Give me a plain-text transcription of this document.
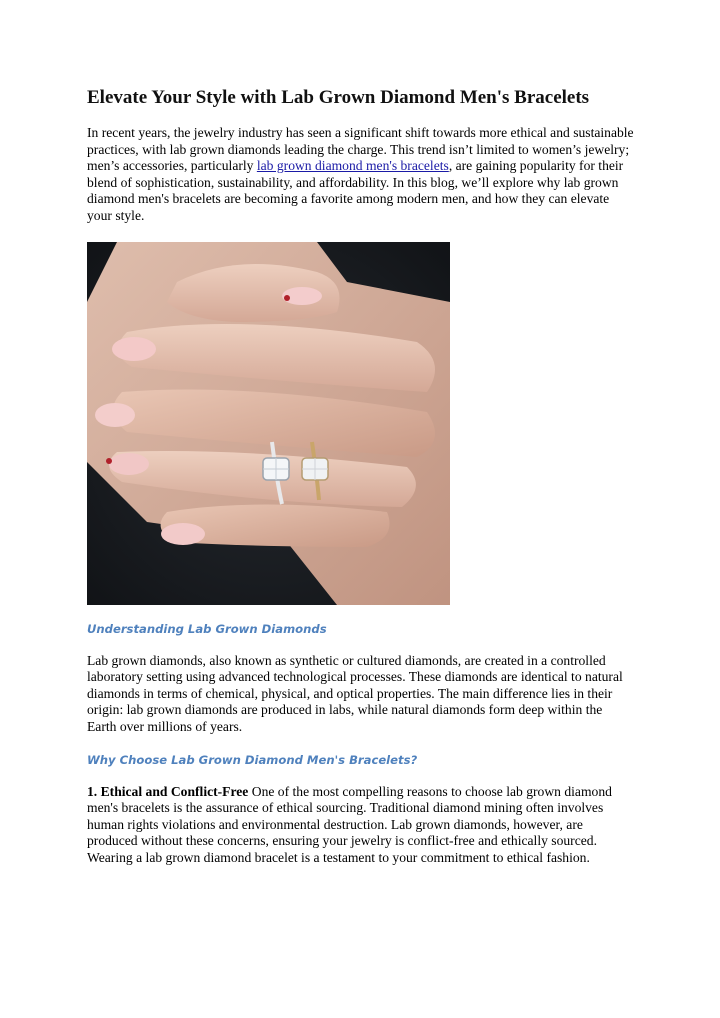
Elevate Your Style with Lab Grown Diamond Men's Bracelets

In recent years, the jewelry industry has seen a significant shift towards more ethical and sustainable practices, with lab grown diamonds leading the charge. This trend isn’t limited to women’s jewelry; men’s accessories, particularly lab grown diamond men's bracelets, are gaining popularity for their blend of sophistication, sustainability, and affordability. In this blog, we’ll explore why lab grown diamond men's bracelets are becoming a favorite among modern men, and how they can elevate your style.

Understanding Lab Grown Diamonds

Lab grown diamonds, also known as synthetic or cultured diamonds, are created in a controlled laboratory setting using advanced technological processes. These diamonds are identical to natural diamonds in terms of chemical, physical, and optical properties. The main difference lies in their origin: lab grown diamonds are produced in labs, while natural diamonds form deep within the Earth over millions of years.

Why Choose Lab Grown Diamond Men's Bracelets?

1. Ethical and Conflict-Free One of the most compelling reasons to choose lab grown diamond men's bracelets is the assurance of ethical sourcing. Traditional diamond mining often involves human rights violations and environmental destruction. Lab grown diamonds, however, are produced without these concerns, ensuring your jewelry is conflict-free and ethically sourced. Wearing a lab grown diamond bracelet is a testament to your commitment to ethical fashion.
